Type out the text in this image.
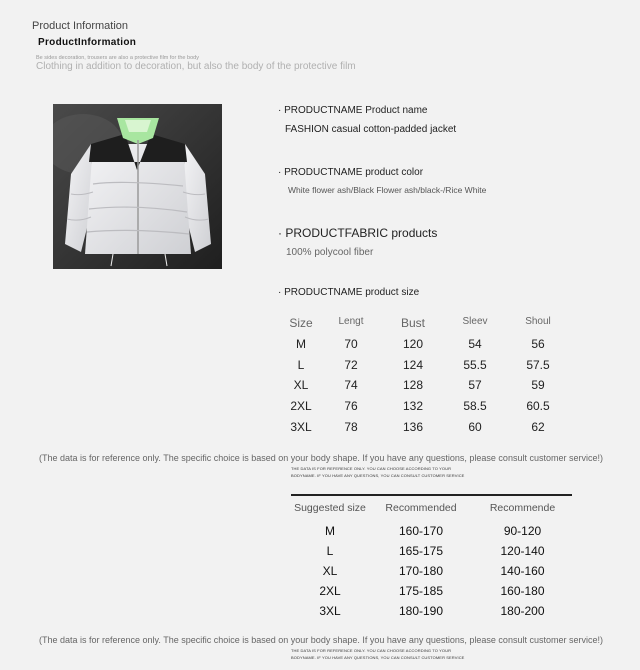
Product Information
ProductInformation
Be sides decoration, trousers are also a protective film for the body
Clothing in addition to decoration, but also the body of the protective film
· PRODUCTNAME Product name
FASHION casual cotton-padded jacket
· PRODUCTNAME product color
White flower ash/Black Flower ash/black-/Rice White
· PRODUCTFABRIC products
100% polycool fiber
· PRODUCTNAME product size
Size	Lengt	Bust	Sleev	Shoul
M	70	120	54	56
L	72	124	55.5	57.5
XL	74	128	57	59
2XL	76	132	58.5	60.5
3XL	78	136	60	62
(The data is for reference only. The specific choice is based on your body shape. If you have any questions, please consult customer service!)
THE DATA IS FOR REFERENCE ONLY. YOU CAN CHOOSE ACCORDING TO YOUR
BODYNAME. IF YOU HAVE ANY QUESTIONS, YOU CAN CONSULT CUSTOMER SERVICE
Suggested size	Recommended	Recommende
M	160-170	90-120
L	165-175	120-140
XL	170-180	140-160
2XL	175-185	160-180
3XL	180-190	180-200
(The data is for reference only. The specific choice is based on your body shape. If you have any questions, please consult customer service!)
THE DATA IS FOR REFERENCE ONLY. YOU CAN CHOOSE ACCORDING TO YOUR
BODYNAME. IF YOU HAVE ANY QUESTIONS, YOU CAN CONSULT CUSTOMER SERVICE
